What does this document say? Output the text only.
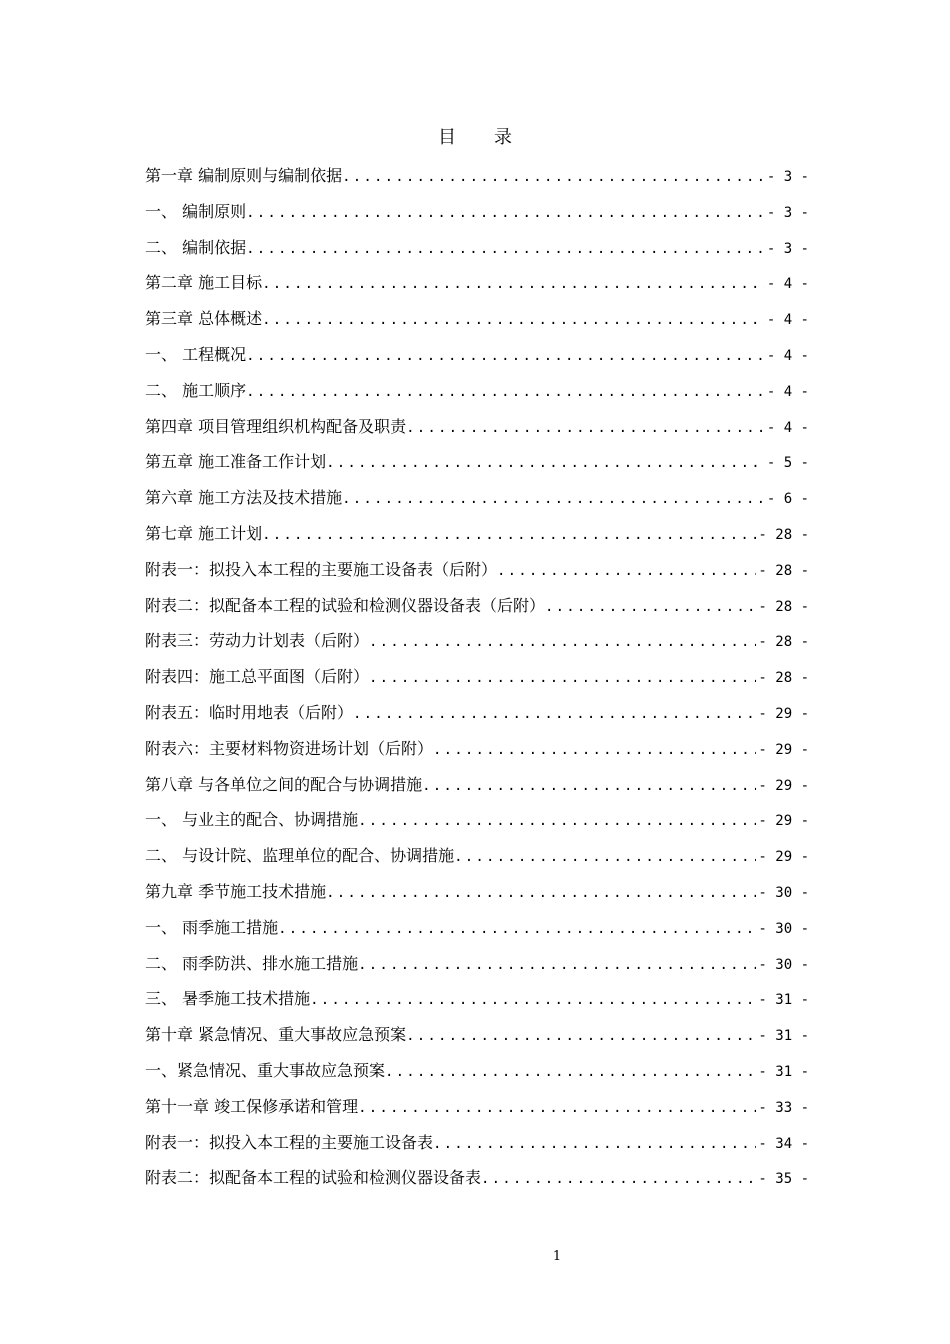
目 录
第一章 编制原则与编制依据 .....	- 3 -
一、 编制原则 .....	- 3 -
二、 编制依据 .....	- 3 -
第二章 施工目标 .....	- 4 -
第三章 总体概述 .....	- 4 -
一、 工程概况 .....	- 4 -
二、 施工顺序 .....	- 4 -
第四章 项目管理组织机构配备及职责 .....	- 4 -
第五章 施工准备工作计划 .....	- 5 -
第六章 施工方法及技术措施 .....	- 6 -
第七章 施工计划 .....	- 28 -
附表一：拟投入本工程的主要施工设备表（后附） .....	- 28 -
附表二：拟配备本工程的试验和检测仪器设备表（后附） .....	- 28 -
附表三：劳动力计划表（后附） .....	- 28 -
附表四：施工总平面图（后附） .....	- 28 -
附表五：临时用地表（后附） .....	- 29 -
附表六：主要材料物资进场计划（后附） .....	- 29 -
第八章 与各单位之间的配合与协调措施 .....	- 29 -
一、 与业主的配合、协调措施 .....	- 29 -
二、 与设计院、监理单位的配合、协调措施 .....	- 29 -
第九章 季节施工技术措施 .....	- 30 -
一、 雨季施工措施 .....	- 30 -
二、 雨季防洪、排水施工措施 .....	- 30 -
三、 暑季施工技术措施 .....	- 31 -
第十章 紧急情况、重大事故应急预案 .....	- 31 -
一、紧急情况、重大事故应急预案 .....	- 31 -
第十一章 竣工保修承诺和管理 .....	- 33 -
附表一：拟投入本工程的主要施工设备表 .....	- 34 -
附表二：拟配备本工程的试验和检测仪器设备表 .....	- 35 -
1
